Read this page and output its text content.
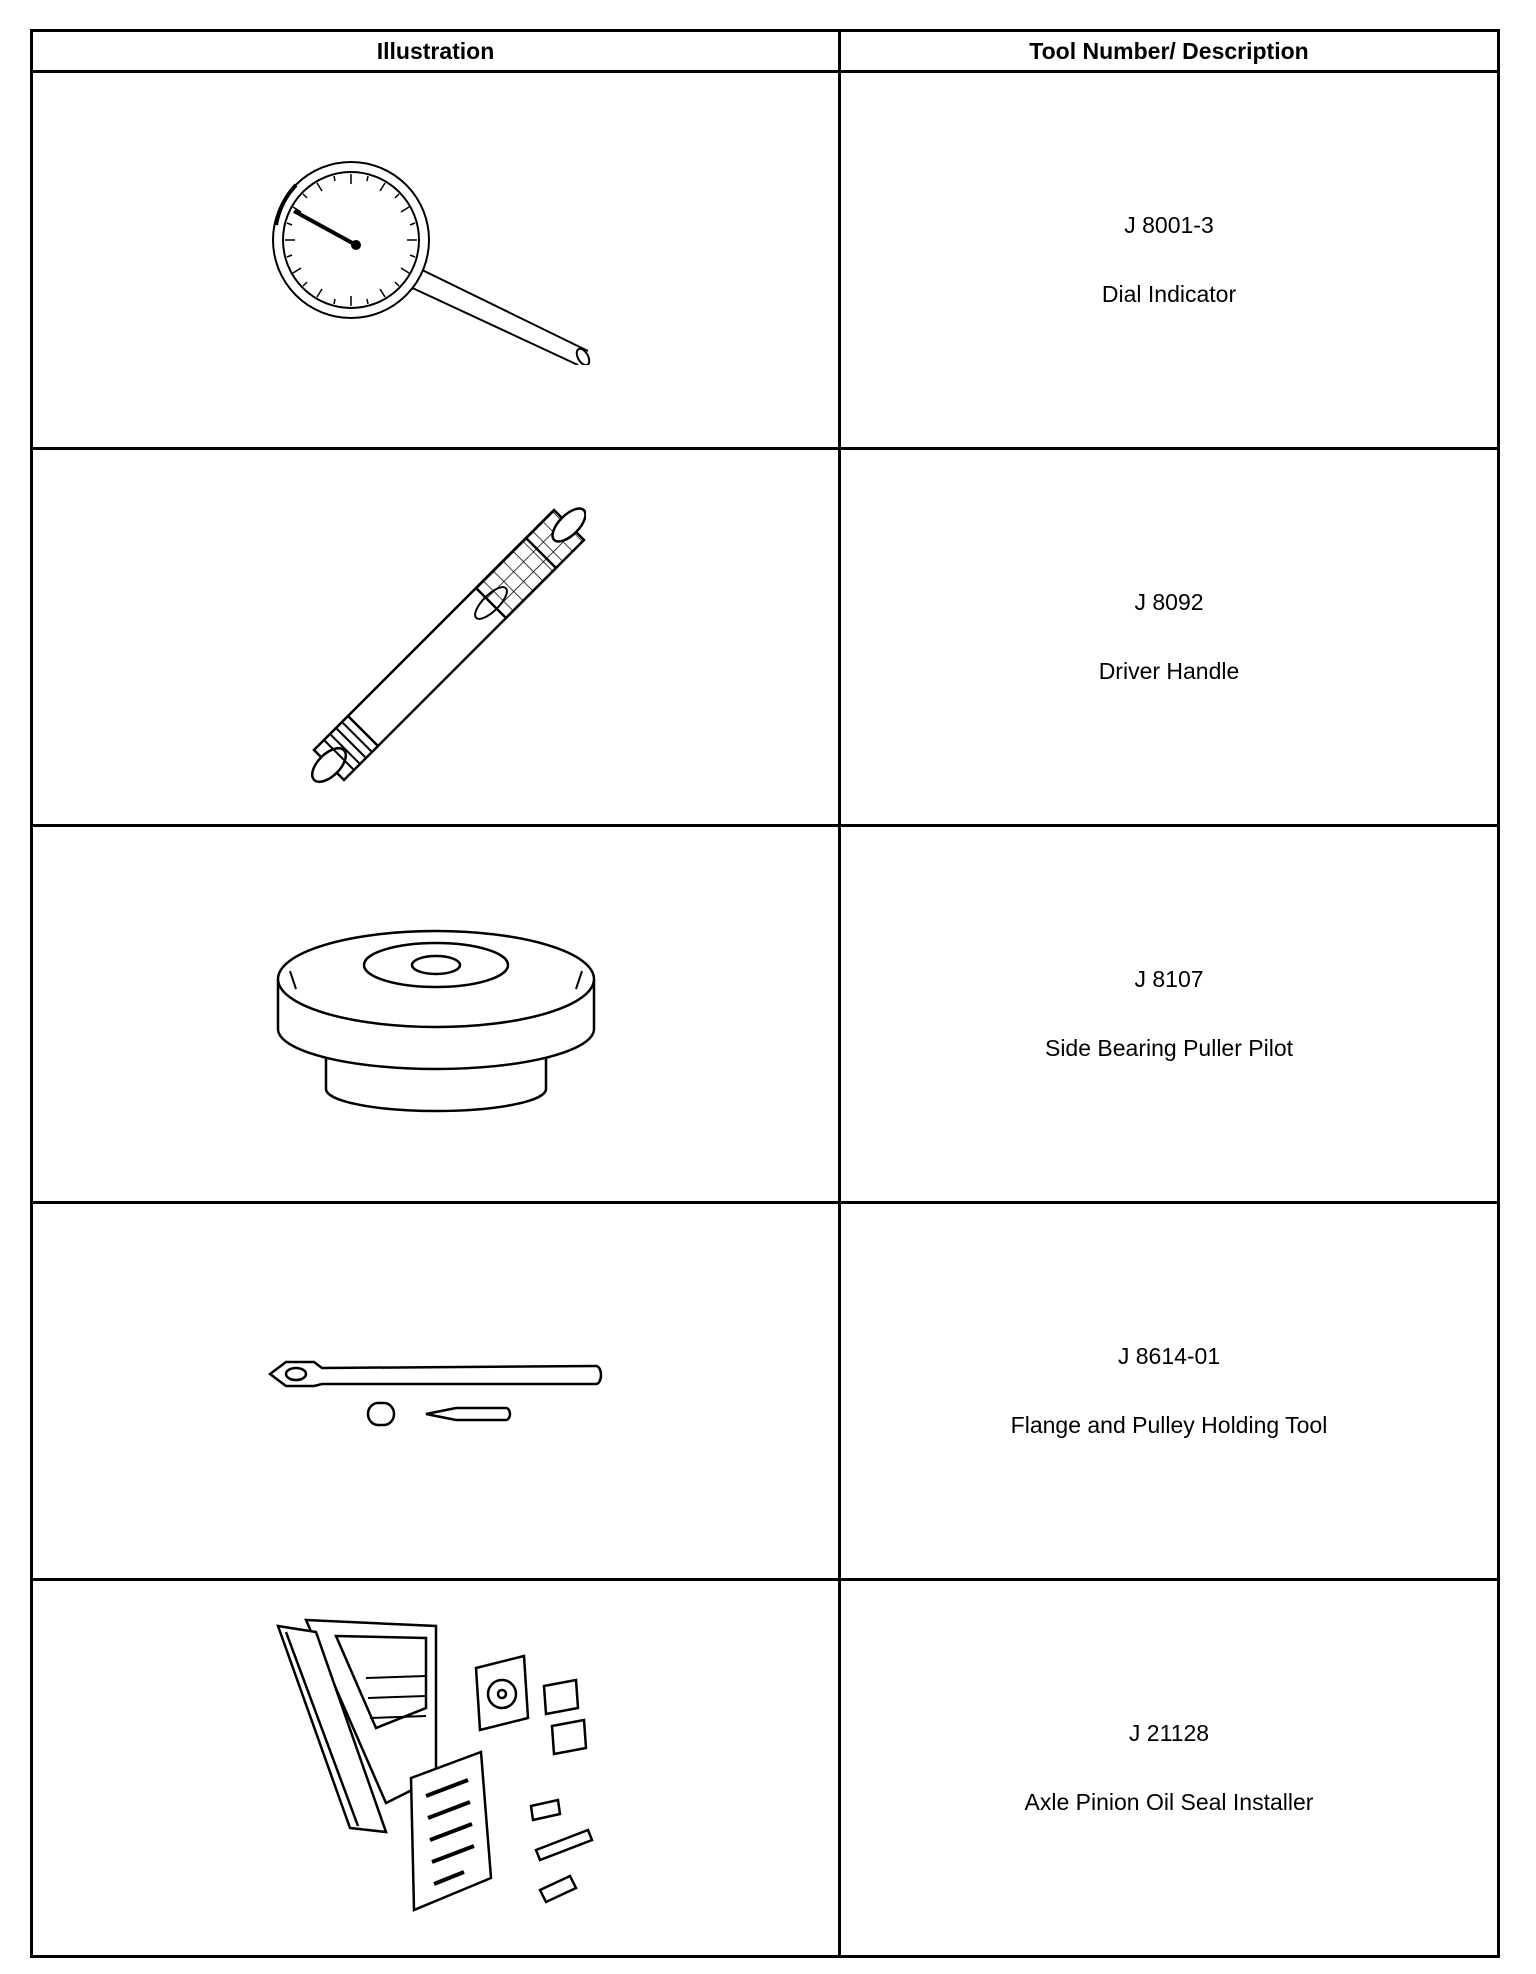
Illustration	Tool Number/ Description

J 8001-3
Dial Indicator

J 8092
Driver Handle

J 8107
Side Bearing Puller Pilot

J 8614-01
Flange and Pulley Holding Tool

J 21128
Axle Pinion Oil Seal Installer
